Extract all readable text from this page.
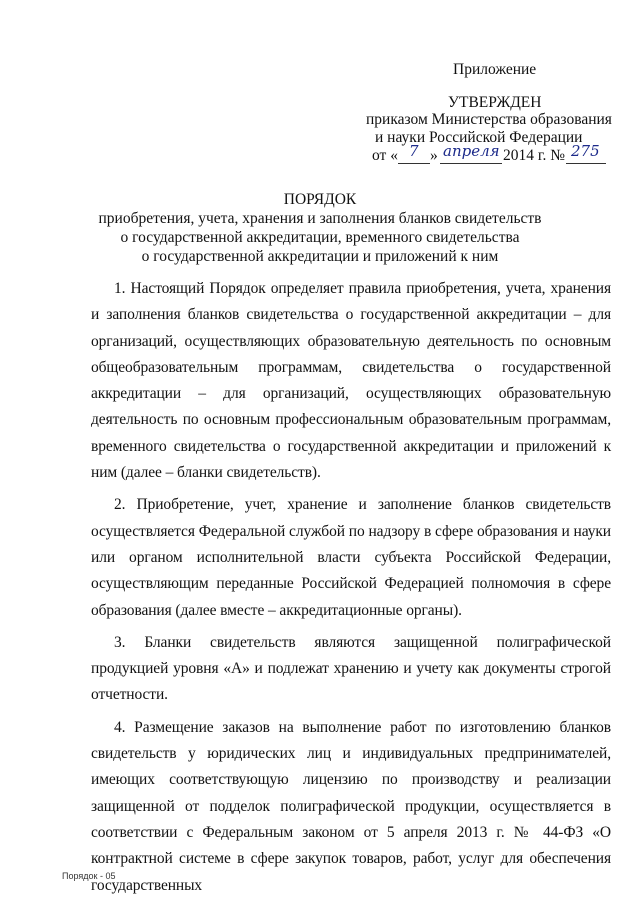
Приложение
УТВЕРЖДЕН
приказом Министерства образования
и науки Российской Федерации
от « 7 » апреля 2014 г. № 275
ПОРЯДОК
приобретения, учета, хранения и заполнения бланков свидетельств
о государственной аккредитации, временного свидетельства
о государственной аккредитации и приложений к ним

1. Настоящий Порядок определяет правила приобретения, учета, хранения и заполнения бланков свидетельства о государственной аккредитации – для организаций, осуществляющих образовательную деятельность по основным общеобразовательным программам, свидетельства о государственной аккредитации – для организаций, осуществляющих образовательную деятельность по основным профессиональным образовательным программам, временного свидетельства о государственной аккредитации и приложений к ним (далее – бланки свидетельств).

2. Приобретение, учет, хранение и заполнение бланков свидетельств осуществляется Федеральной службой по надзору в сфере образования и науки или органом исполнительной власти субъекта Российской Федерации, осуществляющим переданные Российской Федерацией полномочия в сфере образования (далее вместе – аккредитационные органы).

3. Бланки свидетельств являются защищенной полиграфической продукцией уровня «А» и подлежат хранению и учету как документы строгой отчетности.

4. Размещение заказов на выполнение работ по изготовлению бланков свидетельств у юридических лиц и индивидуальных предпринимателей, имеющих соответствующую лицензию по производству и реализации защищенной от подделок полиграфической продукции, осуществляется в соответствии с Федеральным законом от 5 апреля 2013 г. № 44-ФЗ «О контрактной системе в сфере закупок товаров, работ, услуг для обеспечения государственных

Порядок - 05
